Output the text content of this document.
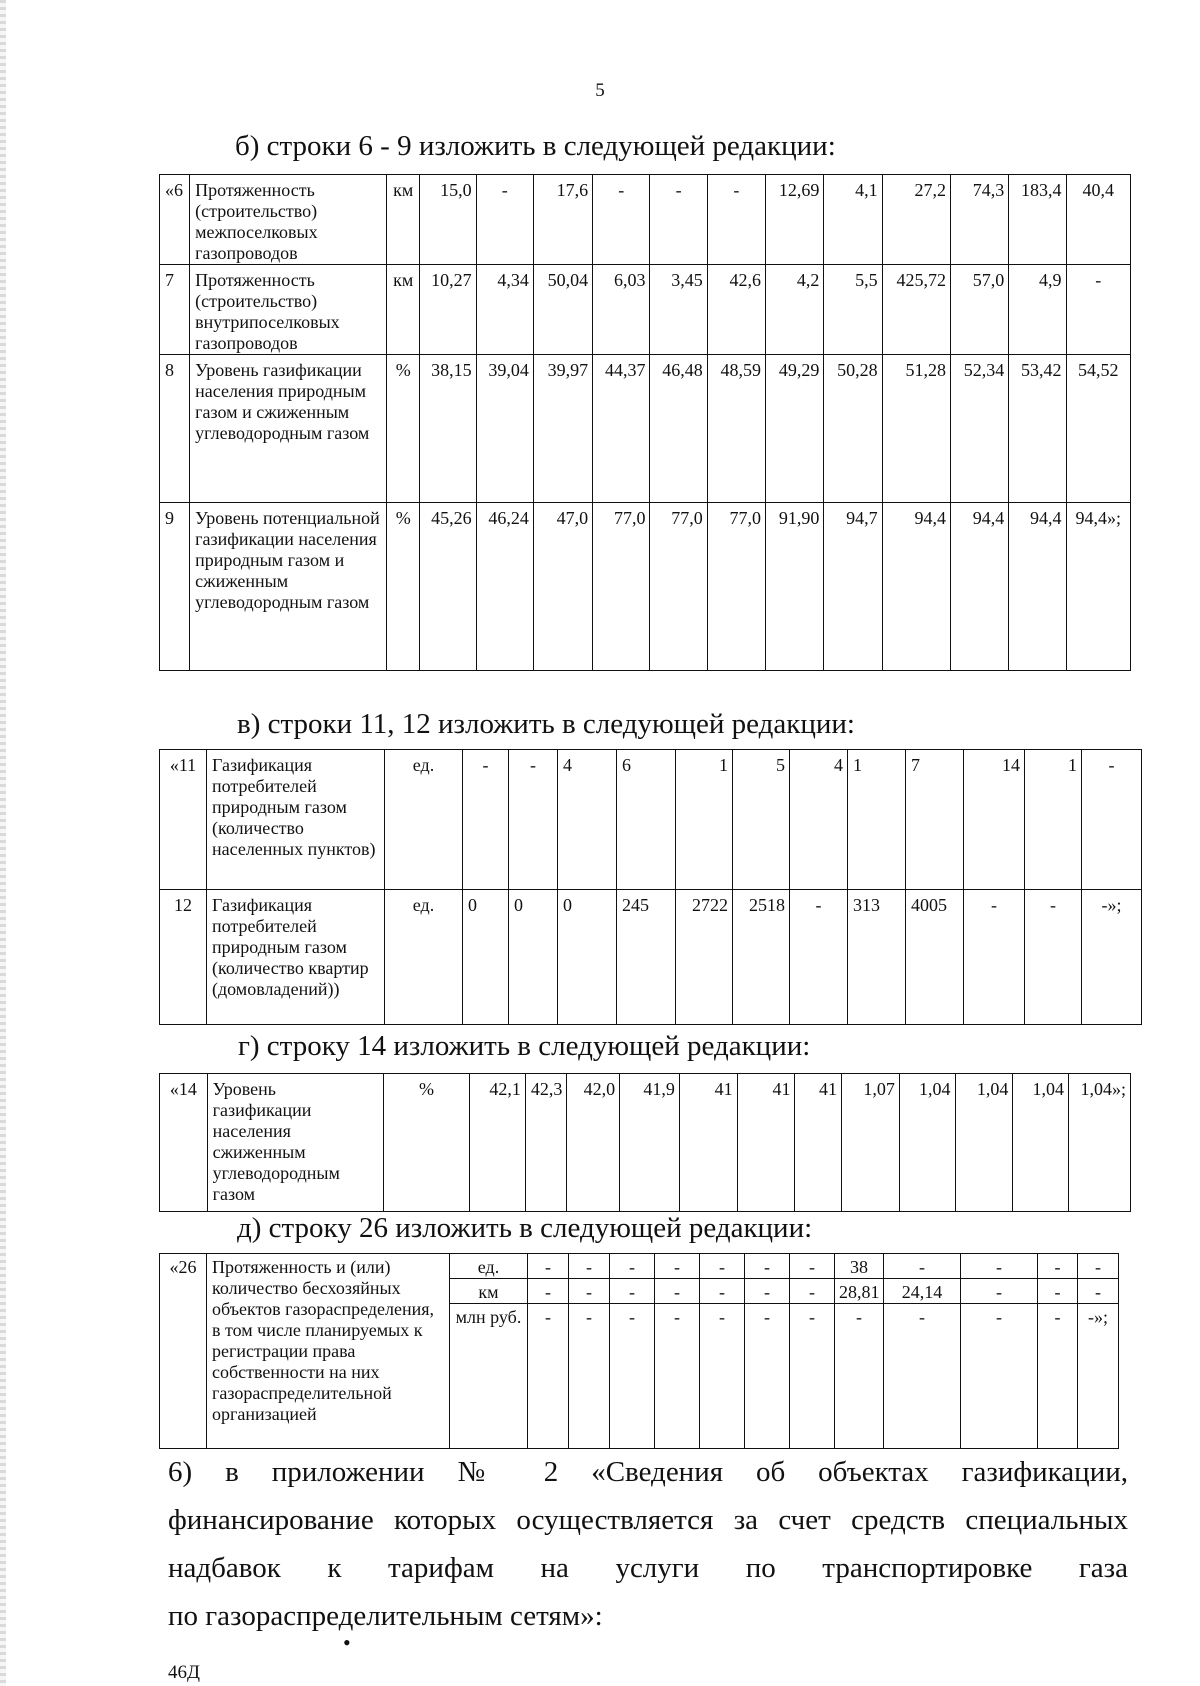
5
б) строки 6 - 9 изложить в следующей редакции:
«6	Протяженность (строительство) межпоселковых газопроводов	км	15,0	-	17,6	-	-	-	12,69	4,1	27,2	74,3	183,4	40,4
7	Протяженность (строительство) внутрипоселковых газопроводов	км	10,27	4,34	50,04	6,03	3,45	42,6	4,2	5,5	425,72	57,0	4,9	-
8	Уровень газификации населения природным газом и сжиженным углеводородным газом	%	38,15	39,04	39,97	44,37	46,48	48,59	49,29	50,28	51,28	52,34	53,42	54,52
9	Уровень потенциальной газификации населения природным газом и сжиженным углеводородным газом	%	45,26	46,24	47,0	77,0	77,0	77,0	91,90	94,7	94,4	94,4	94,4	94,4»;
в) строки 11, 12 изложить в следующей редакции:
«11	Газификация потребителей природным газом (количество населенных пунктов)	ед.	-	-	4	6	1	5	4	1	7	14	1	-
12	Газификация потребителей природным газом (количество квартир (домовладений))	ед.	0	0	0	245	2722	2518	-	313	4005	-	-	-»;
г) строку 14 изложить в следующей редакции:
«14	Уровень газификации населения сжиженным углеводородным газом	%	42,1	42,3	42,0	41,9	41	41	41	1,07	1,04	1,04	1,04	1,04»;
д) строку 26 изложить в следующей редакции:
«26	Протяженность и (или) количество бесхозяйных объектов газораспределения, в том числе планируемых к регистрации права собственности на них газораспределительной организацией	ед.	-	-	-	-	-	-	-	38	-	-	-	-
		км	-	-	-	-	-	-	-	28,81	24,14	-	-	-
		млн руб.	-	-	-	-	-	-	-	-	-	-	-	-»;
6) в приложении № 2 «Сведения об объектах газификации,
финансирование которых осуществляется за счет средств специальных
надбавок к тарифам на услуги по транспортировке газа
по газораспределительным сетям»:
•
46Д
